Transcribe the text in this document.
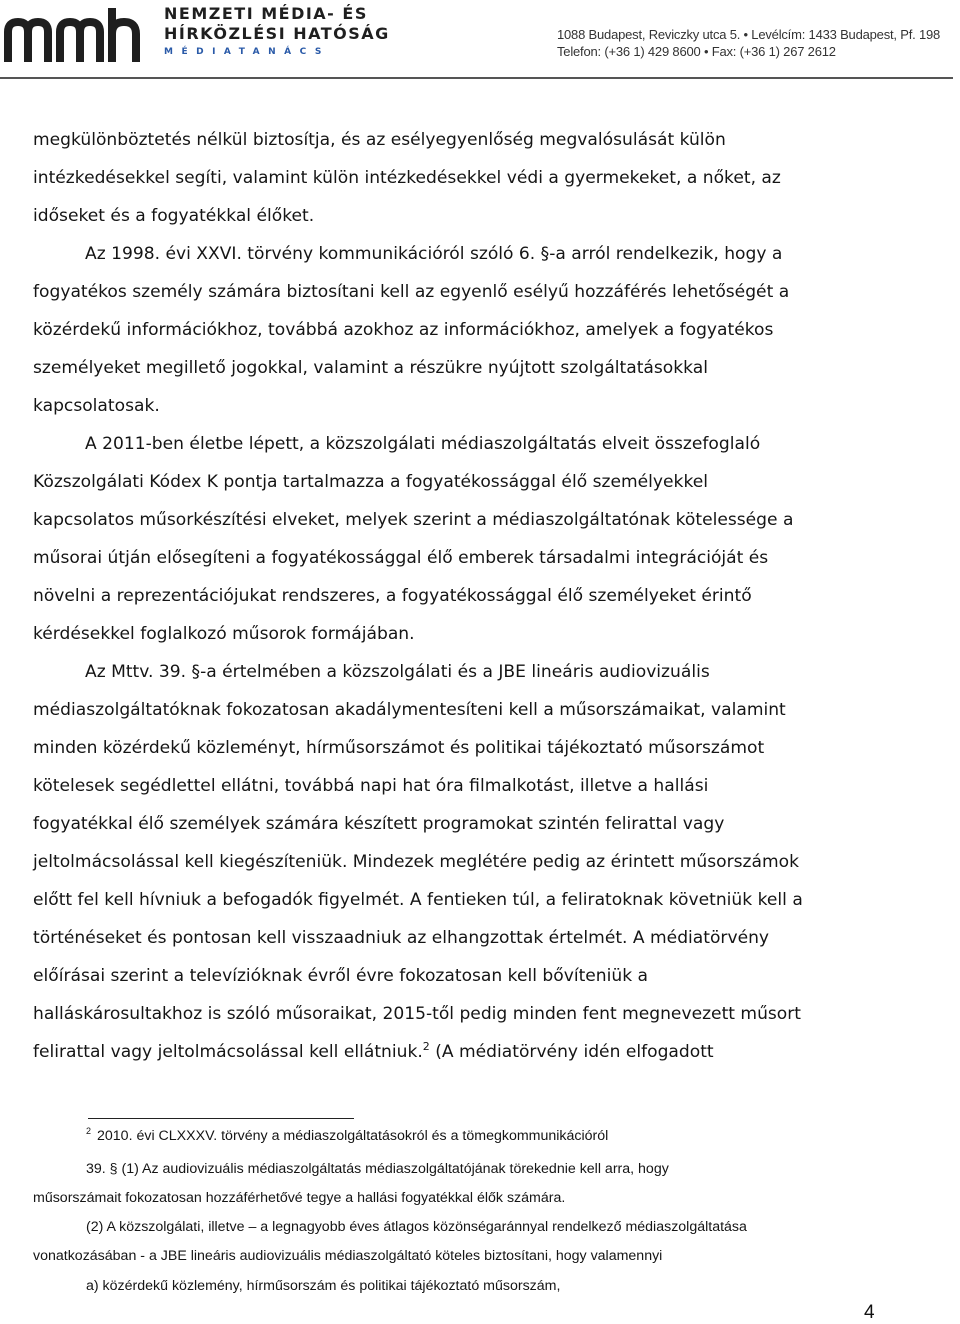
NEMZETI MÉDIA- ÉS
HÍRKÖZLÉSI HATÓSÁG
MÉDIATANÁCS
1088 Budapest, Reviczky utca 5. • Levélcím: 1433 Budapest, Pf. 198
Telefon: (+36 1) 429 8600 • Fax: (+36 1) 267 2612
megkülönböztetés nélkül biztosítja, és az esélyegyenlőség megvalósulását külön
intézkedésekkel segíti, valamint külön intézkedésekkel védi a gyermekeket, a nőket, az
időseket és a fogyatékkal élőket.
Az 1998. évi XXVI. törvény kommunikációról szóló 6. §-a arról rendelkezik, hogy a
fogyatékos személy számára biztosítani kell az egyenlő esélyű hozzáférés lehetőségét a
közérdekű információkhoz, továbbá azokhoz az információkhoz, amelyek a fogyatékos
személyeket megillető jogokkal, valamint a részükre nyújtott szolgáltatásokkal
kapcsolatosak.
A 2011-ben életbe lépett, a közszolgálati médiaszolgáltatás elveit összefoglaló
Közszolgálati Kódex K pontja tartalmazza a fogyatékossággal élő személyekkel
kapcsolatos műsorkészítési elveket, melyek szerint a médiaszolgáltatónak kötelessége a
műsorai útján elősegíteni a fogyatékossággal élő emberek társadalmi integrációját és
növelni a reprezentációjukat rendszeres, a fogyatékossággal élő személyeket érintő
kérdésekkel foglalkozó műsorok formájában.
Az Mttv. 39. §-a értelmében a közszolgálati és a JBE lineáris audiovizuális
médiaszolgáltatóknak fokozatosan akadálymentesíteni kell a műsorszámaikat, valamint
minden közérdekű közleményt, hírműsorszámot és politikai tájékoztató műsorszámot
kötelesek segédlettel ellátni, továbbá napi hat óra filmalkotást, illetve a hallási
fogyatékkal élő személyek számára készített programokat szintén felirattal vagy
jeltolmácsolással kell kiegészíteniük. Mindezek meglétére pedig az érintett műsorszámok
előtt fel kell hívniuk a befogadók figyelmét. A fentieken túl, a feliratoknak követniük kell a
történéseket és pontosan kell visszaadniuk az elhangzottak értelmét. A médiatörvény
előírásai szerint a televízióknak évről évre fokozatosan kell bővíteniük a
halláskárosultakhoz is szóló műsoraikat, 2015-től pedig minden fent megnevezett műsort
felirattal vagy jeltolmácsolással kell ellátniuk.$^2$ (A médiatörvény idén elfogadott
$^2$ 2010. évi CLXXXV. törvény a médiaszolgáltatásokról és a tömegkommunikációról
39. § (1) Az audiovizuális médiaszolgáltatás médiaszolgáltatójának törekednie kell arra, hogy
műsorszámait fokozatosan hozzáférhetővé tegye a hallási fogyatékkal élők számára.
(2) A közszolgálati, illetve – a legnagyobb éves átlagos közönségaránnyal rendelkező médiaszolgáltatása
vonatkozásában - a JBE lineáris audiovizuális médiaszolgáltató köteles biztosítani, hogy valamennyi
a) közérdekű közlemény, hírműsorszám és politikai tájékoztató műsorszám,
4
